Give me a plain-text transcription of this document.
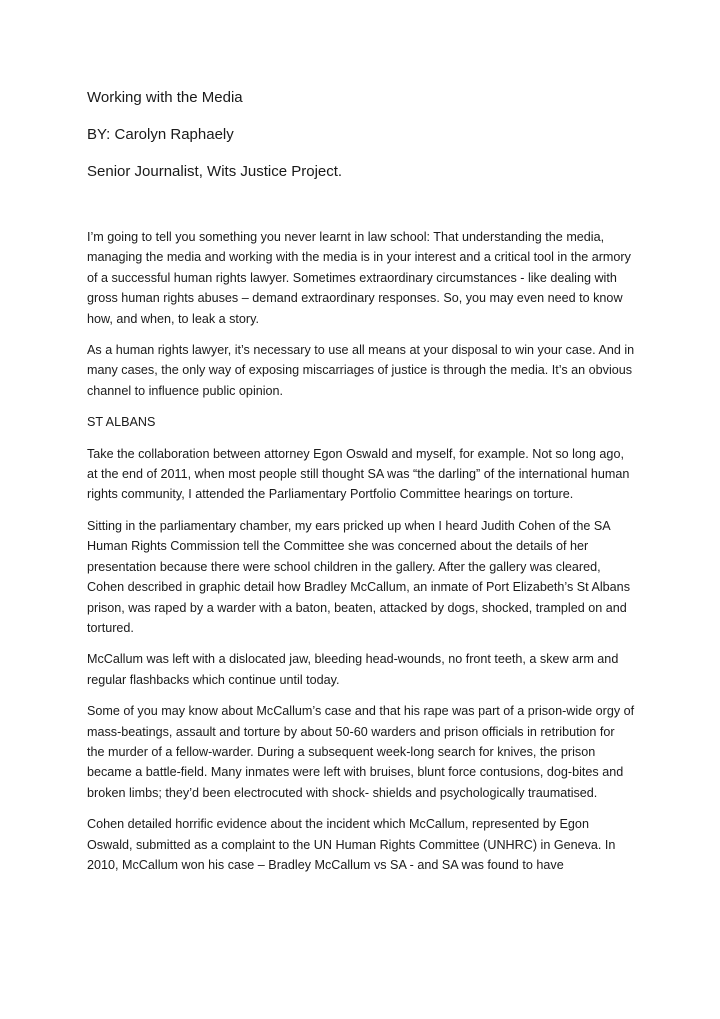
Working with the Media
BY: Carolyn Raphaely
Senior Journalist, Wits Justice Project.

I’m going to tell you something you never learnt in law school: That understanding the media, managing the media and working with the media is in your interest and a critical tool in the armory of a successful human rights lawyer. Sometimes extraordinary circumstances - like dealing with gross human rights abuses – demand extraordinary responses. So, you may even need to know how, and when, to leak a story.

As a human rights lawyer, it’s necessary to use all means at your disposal to win your case. And in many cases, the only way of exposing miscarriages of justice is through the media. It’s an obvious channel to influence public opinion.

ST ALBANS

Take the collaboration between attorney Egon Oswald and myself, for example. Not so long ago, at the end of 2011, when most people still thought SA was “the darling” of the international human rights community, I attended the Parliamentary Portfolio Committee hearings on torture.

Sitting in the parliamentary chamber, my ears pricked up when I heard Judith Cohen of the SA Human Rights Commission tell the Committee she was concerned about the details of her presentation because there were school children in the gallery. After the gallery was cleared, Cohen described in graphic detail how Bradley McCallum, an inmate of Port Elizabeth’s St Albans prison, was raped by a warder with a baton, beaten, attacked by dogs, shocked, trampled on and tortured.

McCallum was left with a dislocated jaw, bleeding head-wounds, no front teeth, a skew arm and regular flashbacks which continue until today.

Some of you may know about McCallum’s case and that his rape was part of a prison-wide orgy of mass-beatings, assault and torture by about 50-60 warders and prison officials in retribution for the murder of a fellow-warder. During a subsequent week-long search for knives, the prison became a battle-field. Many inmates were left with bruises, blunt force contusions, dog-bites and broken limbs; they’d been electrocuted with shock- shields and psychologically traumatised.

Cohen detailed horrific evidence about the incident which McCallum, represented by Egon Oswald, submitted as a complaint to the UN Human Rights Committee (UNHRC) in Geneva. In 2010, McCallum won his case – Bradley McCallum vs SA - and SA was found to have
